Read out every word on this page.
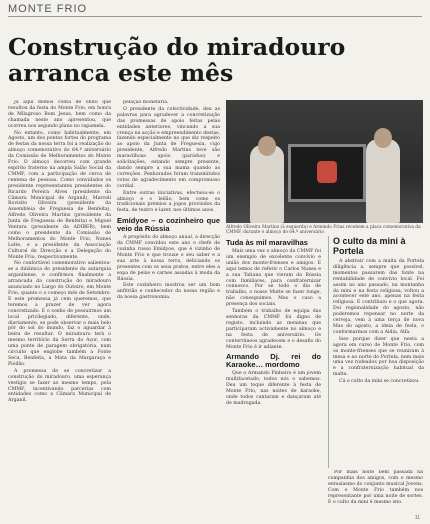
MONTE FRIO
Construção do miradouro arranca este mês

Já aqui demos conta de óbito que resultou da festa do Monte Frio, em honra de Milagroso Bom Jesus, bem como da chamada neste ano apresentou, que ocorreu nos segundo plano no rapamela.

No entanto, como habitualmente, em Agosto, um dos pontos fortes do programa de festas da nossa terra foi a realização do almoço comemorativo do 64.º aniversário da Comissão de Melhoramentos do Monte Frio. O almoço decorreu com grande espírito fraterno na ampla Salão Social da CMMF, com a participação de cerca de centena de pessoas. Como convidados os presidente representantes presidentes do Ricardo Pereira Alves (presidente da Câmara Municipal de Arganil), Marceli Rovisito Oliveira (presidente da Assembleia de Freguesia de Benfeita), Alfredo Oliveira Martins (presidente da Junta de Freguesia de Benfeita) e Miguel Ventura (presidente da ADIBER), bem como o presidente da Comissão de Melhoramentos do Monte Frio, Nunes Leite, e a presidente da Associação Cultural de Direcção e a Delegação do Monte Frio, respectivamente.

No confortável comemorativo salientou-se a dinâmica do presidente da autarquia arganilense, e confirmou finalmente a arrancada da construção do miradouro anunciado no Largo do Outeiro, em Monte Frio, quanto o o começo mês de Setembro. E este promessa já cem queremos, que teremos a prazer de ver agora concretizado. E o sonho de possuirmos um local privilegiado, diferente, onde, diariamente, se pode observar o mais belo pôr do sol do mundo, faz o aguardar à beira de resultar. O miradouro terá o mesmo território da Serra do Açor, com uma ponte de paragem obrigatória, num circuito que englobe também a Fonte Seca, Benfeita, a Mata da Margaraça e Piódão.

A promessa de se concretizar a construção do miradouro, uma esperança vestígio se fazer ao mesmo tempo, pela CMMF, incentivando parcerias com entidades como a Câmara Municipal de Arganil.

pelação monetária.

O presidente da colectividade, deu as palavras para agradecer a concretização das promessas de apoio feitas pelas entidades anteriores, vincando a sua crença na acção e empreendimento destas, fazendo especialmente no que diz respeito ao apoio da Junta de Freguesia, cujo presidente, Alfredo Martins teve são maravilhosa apoio (paráduo) e solicitações, estando sempre presente, dando sempre a sua mama quando as correções. Penhorados foram transmitidos votos de agradecimento em compromisso cordial.

Entre outras iniciativas, efectuou-se o almoço e o leilão, bem como os tradicionais prémios a jogos provindos da festa, de teatro e lazer, nos últimos anos.

Emídyoe – o cozinheiro que veio da Rússia

A propósito do almoço anual, a direcção da CMMF convidou este ano o chefe de cozinha russo Emídyoe, que é vizinho de Monte Frio e que trouxe o seu saber e a sua arte à nossa terra, deliciando os presentes com os seus pratos, entre eles a sopa de peixe e carnes assadas à moda da Rússia.

Este cozinheiro mostrou ser um bom anfitrião e conhecedor da nossa região e da nossa gastronomia.

Alfredo Oliveira Martins (à esquerda) e Armindo Frias recebem a placa comemorativa da CMMF, durante o almoço do 64.º aniversário
Tuda às mil maravilhas

Mais uma vez o almoço da CMMF foi um exemplo de excelente convívio e união dos monte-frienses e amigos. E aqui temos de referir o Carlos Nunes e a sua Tatiana que vieram da Rússia com familiares, para confraternizar connosco. Por se todo o dia de trabalho, o nosso Mutte se fazer longe, não conseguimos. Mas o caso a presença dos sociais.

Também o trabalho de equipa das senhoras da CMMF foi digno de registo, incluindo as meninas que participaram activamente no almoço e na festa de aniversário. Os conterrâneos agradecem e o desafio do Monte Frio é ir adiante.

Armando Dj. rei do Karaoke… mordomo

Que o Armando Pinheiro é um jovem multifacetado, todos nós o sabemos. Deu um toque diferente à festa de Monte Frio, nas noites de karaoke, onde todos cantaram e dançaram até de madrugada.

O culto da mini à Portela

A abstrair com a malta da Portela diligência a, sempre que possível, momentos passarem das fonte na rentabilidade de convívio local. Foi assim no ano passado, na montanha da mini e na festa religiosa, voltou a acontecer este ano, apenas na festa religiosa. E contribuiu e o que agora. Doi regionalidade do agosto, não poderemos repensar no norte da cerveja, vem à uma terça de nova Mas do agosto, a ideia de festa, o conformarmos com a Aidia, Alfa.

Isso porque dizer que nesta a agora em curso de Monte Frio, com os monte-frienses que se reuniram à mesa e ao norte do Portela, nem mais uma vez rodeados por boa disposição e a confraternização habitual da malta.

Cá o culto da mini se concretizou.

Por mais noite bem passada na companhia dos amigos, com o mesmo entusiasmo do conjunto musical Jovens. Com o Monte Frio também nos representante por uma noite de sortes. E o culto da mini é mesmo isto.

11
